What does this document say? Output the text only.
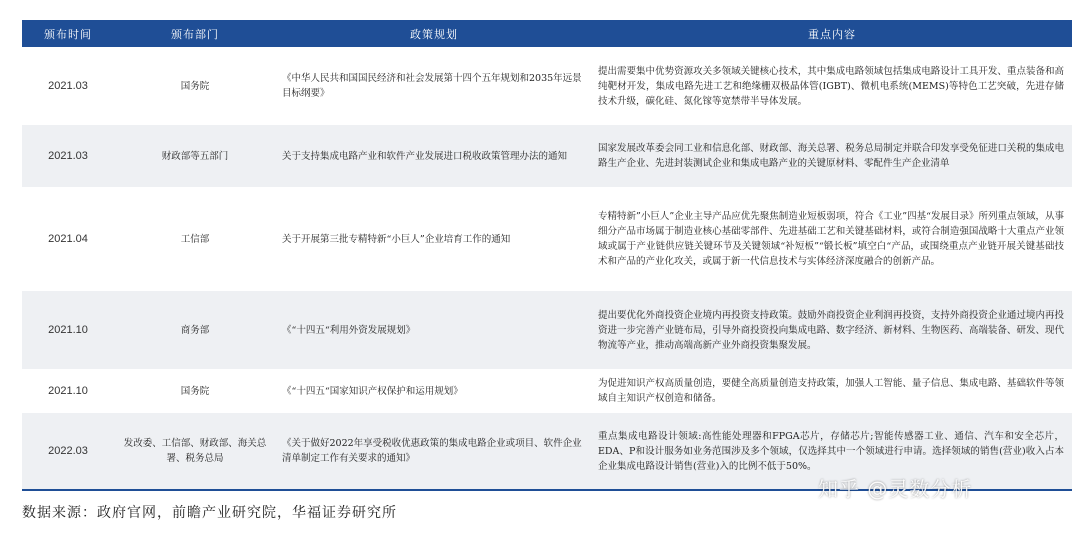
颁布时间	颁布部门	政策规划	重点内容
2021.03	国务院	《中华人民共和国国民经济和社会发展第十四个五年规划和2035年远景目标纲要》	提出需要集中优势资源攻关多领域关键核心技术，其中集成电路领域包括集成电路设计工具开发、重点装备和高纯靶材开发，集成电路先进工艺和绝缘栅双极晶体管(IGBT)、微机电系统(MEMS)等特色工艺突破，先进存储技术升级，碳化硅、氮化镓等宽禁带半导体发展。
2021.03	财政部等五部门	关于支持集成电路产业和软件产业发展进口税收政策管理办法的通知	国家发展改革委会同工业和信息化部、财政部、海关总署、税务总局制定并联合印发享受免征进口关税的集成电路生产企业、先进封装测试企业和集成电路产业的关键原材料、零配件生产企业清单
2021.04	工信部	关于开展第三批专精特新“小巨人”企业培育工作的通知	专精特新”小巨人”企业主导产品应优先聚焦制造业短板弱项，符合《工业”四基“发展目录》所列重点领域，从事细分产品市场属于制造业核心基础零部件、先进基础工艺和关键基础材料，或符合制造强国战略十大重点产业领域或属于产业链供应链关键环节及关键领域“补短板”“锻长板”填空白“产品，或围绕重点产业链开展关键基础技术和产品的产业化攻关，或属于新一代信息技术与实体经济深度融合的创新产品。
2021.10	商务部	《“十四五“利用外资发展规划》	提出要优化外商投资企业境内再投资支持政策。鼓励外商投资企业利润再投资，支持外商投资企业通过境内再投资进一步完善产业链布局，引导外商投资投向集成电路、数字经济、新材料、生物医药、高端装备、研发、现代物流等产业，推动高端高新产业外商投资集聚发展。
2021.10	国务院	《“十四五“国家知识产权保护和运用规划》	为促进知识产权高质量创造，要健全高质量创造支持政策，加强人工智能、量子信息、集成电路、基础软件等领域自主知识产权创造和储备。
2022.03	发改委、工信部、财政部、海关总署、税务总局	《关于做好2022年享受税收优惠政策的集成电路企业或项目、软件企业清单制定工作有关要求的通知》	重点集成电路设计领域:高性能处理器和FPGA芯片，存储芯片;智能传感器工业、通信、汽车和安全芯片，EDA、P和设计服务如业务范围涉及多个领域，仅选择其中一个领域进行申请。选择领域的销售(营业)收入占本企业集成电路设计销售(营业)入的比例不低于50%。
数据来源：政府官网，前瞻产业研究院，华福证券研究所
知乎 @灵数分析
